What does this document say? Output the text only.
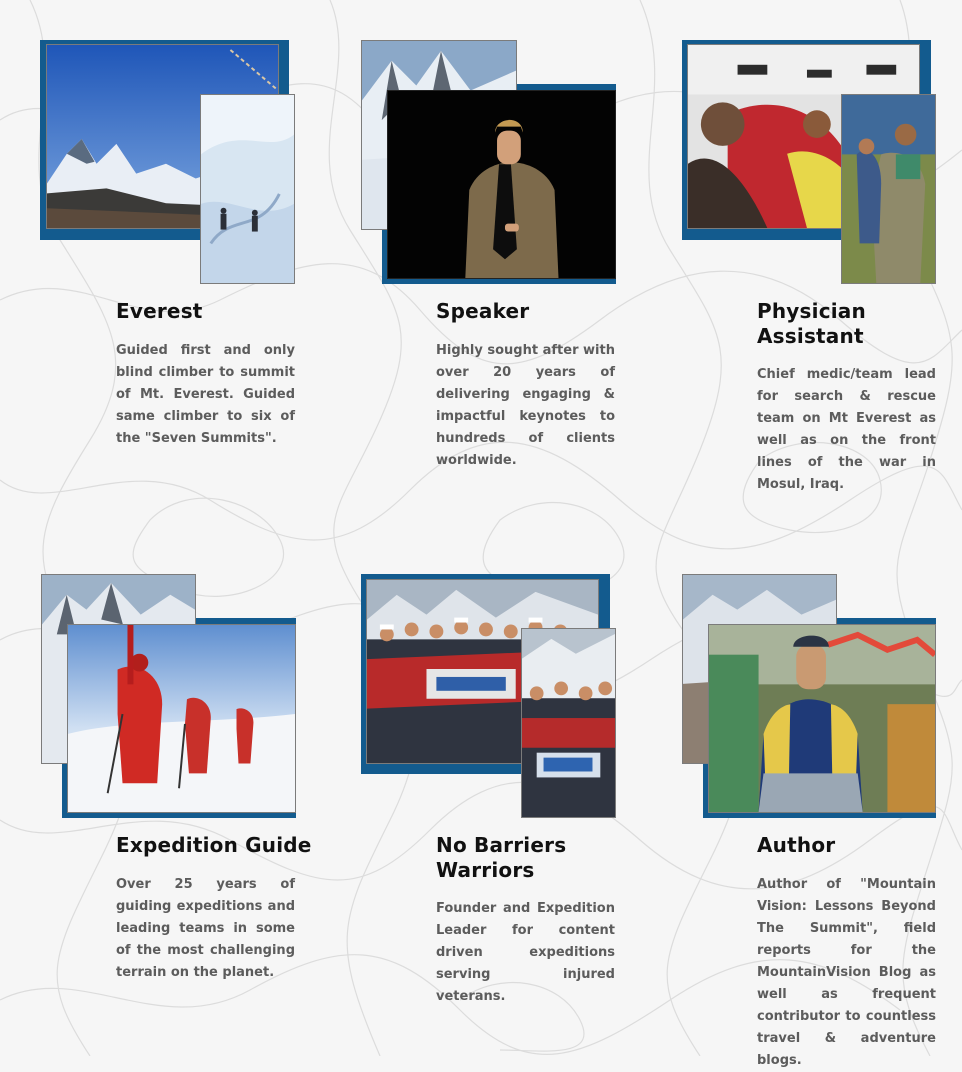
Everest

Guided first and only blind climber to summit of Mt. Everest. Guided same climber to six of the "Seven Summits".

Speaker

Highly sought after with over 20 years of delivering engaging & impactful keynotes to hundreds of clients worldwide.

Physician Assistant

Chief medic/team lead for search & rescue team on Mt Everest as well as on the front lines of the war in Mosul, Iraq.

Expedition Guide

Over 25 years of guiding expeditions and leading teams in some of the most challenging terrain on the planet.

No Barriers Warriors

Founder and Expedition Leader for content driven expeditions serving injured veterans.

Author

Author of "Mountain Vision: Lessons Beyond The Summit", field reports for the MountainVision Blog as well as frequent contributor to countless travel & adventure blogs.
